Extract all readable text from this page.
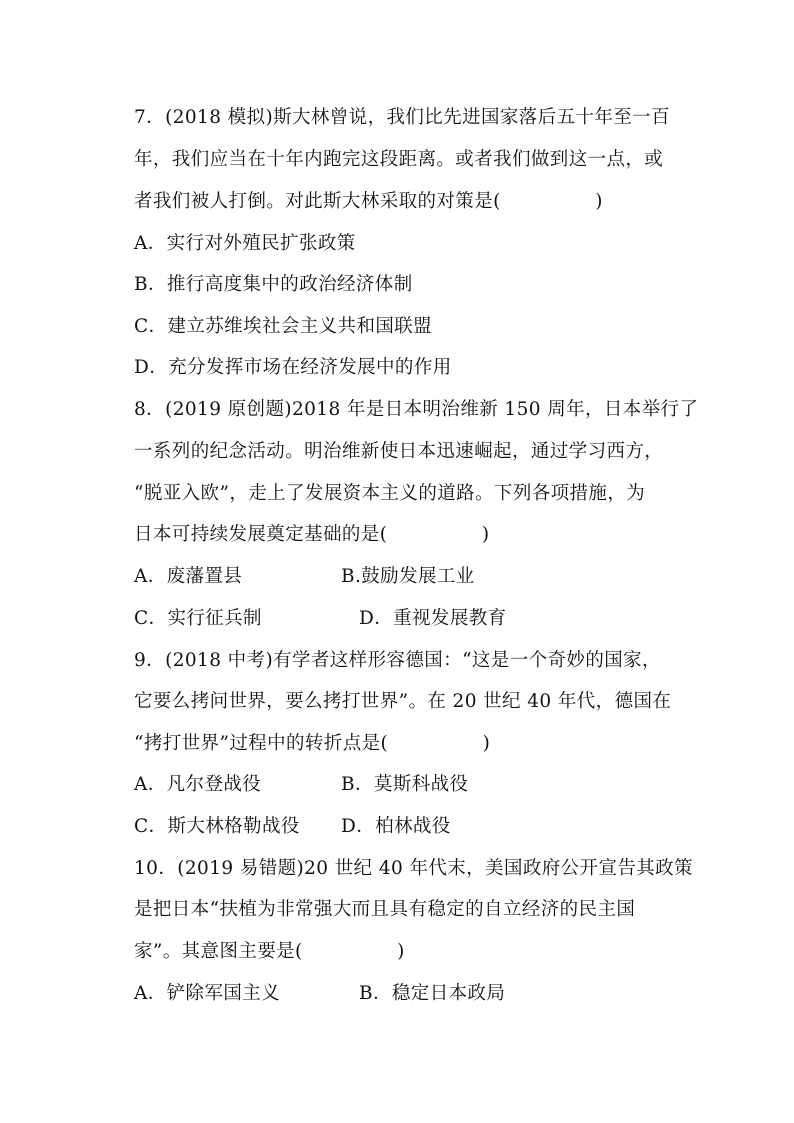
7．(2018 模拟)斯大林曾说，我们比先进国家落后五十年至一百
年，我们应当在十年内跑完这段距离。或者我们做到这一点，或
者我们被人打倒。对此斯大林采取的对策是(　　　　　)
A．实行对外殖民扩张政策
B．推行高度集中的政治经济体制
C．建立苏维埃社会主义共和国联盟
D．充分发挥市场在经济发展中的作用
8．(2019 原创题)2018 年是日本明治维新 150 周年，日本举行了
一系列的纪念活动。明治维新使日本迅速崛起，通过学习西方，
“脱亚入欧”，走上了发展资本主义的道路。下列各项措施，为
日本可持续发展奠定基础的是(　　　　　)
A．废藩置县	B.鼓励发展工业
C．实行征兵制	D．重视发展教育
9．(2018 中考)有学者这样形容德国：“这是一个奇妙的国家，
它要么拷问世界，要么拷打世界”。在 20 世纪 40 年代，德国在
“拷打世界”过程中的转折点是(　　　　　)
A．凡尔登战役	B．莫斯科战役
C．斯大林格勒战役 D．柏林战役
10．(2019 易错题)20 世纪 40 年代末，美国政府公开宣告其政策
是把日本“扶植为非常强大而且具有稳定的自立经济的民主国
家”。其意图主要是(　　　　　)
A．铲除军国主义	B．稳定日本政局
